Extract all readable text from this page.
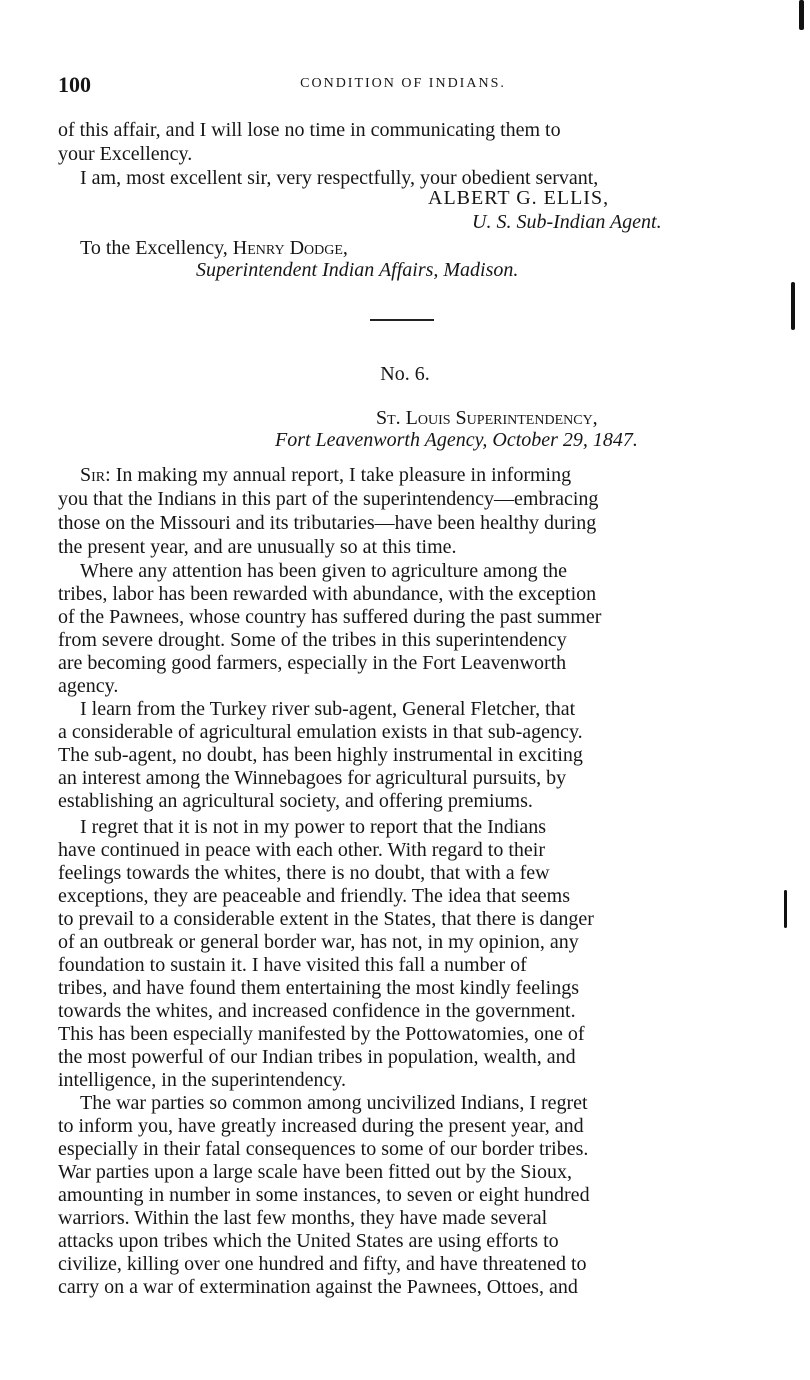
100	CONDITION OF INDIANS.
of this affair, and I will lose no time in communicating them to
your Excellency.
I am, most excellent sir, very respectfully, your obedient servant,
ALBERT G. ELLIS,
U. S. Sub-Indian Agent.
To the Excellency, Henry Dodge,
Superintendent Indian Affairs, Madison.
No. 6.
St. Louis Superintendency,
Fort Leavenworth Agency, October 29, 1847.
Sir: In making my annual report, I take pleasure in informing
you that the Indians in this part of the superintendency—embracing
those on the Missouri and its tributaries—have been healthy during
the present year, and are unusually so at this time.
Where any attention has been given to agriculture among the
tribes, labor has been rewarded with abundance, with the exception
of the Pawnees, whose country has suffered during the past summer
from severe drought. Some of the tribes in this superintendency
are becoming good farmers, especially in the Fort Leavenworth
agency.
I learn from the Turkey river sub-agent, General Fletcher, that
a considerable of agricultural emulation exists in that sub-agency.
The sub-agent, no doubt, has been highly instrumental in exciting
an interest among the Winnebagoes for agricultural pursuits, by
establishing an agricultural society, and offering premiums.
I regret that it is not in my power to report that the Indians
have continued in peace with each other. With regard to their
feelings towards the whites, there is no doubt, that with a few
exceptions, they are peaceable and friendly. The idea that seems
to prevail to a considerable extent in the States, that there is danger
of an outbreak or general border war, has not, in my opinion, any
foundation to sustain it. I have visited this fall a number of
tribes, and have found them entertaining the most kindly feelings
towards the whites, and increased confidence in the government.
This has been especially manifested by the Pottowatomies, one of
the most powerful of our Indian tribes in population, wealth, and
intelligence, in the superintendency.
The war parties so common among uncivilized Indians, I regret
to inform you, have greatly increased during the present year, and
especially in their fatal consequences to some of our border tribes.
War parties upon a large scale have been fitted out by the Sioux,
amounting in number in some instances, to seven or eight hundred
warriors. Within the last few months, they have made several
attacks upon tribes which the United States are using efforts to
civilize, killing over one hundred and fifty, and have threatened to
carry on a war of extermination against the Pawnees, Ottoes, and
